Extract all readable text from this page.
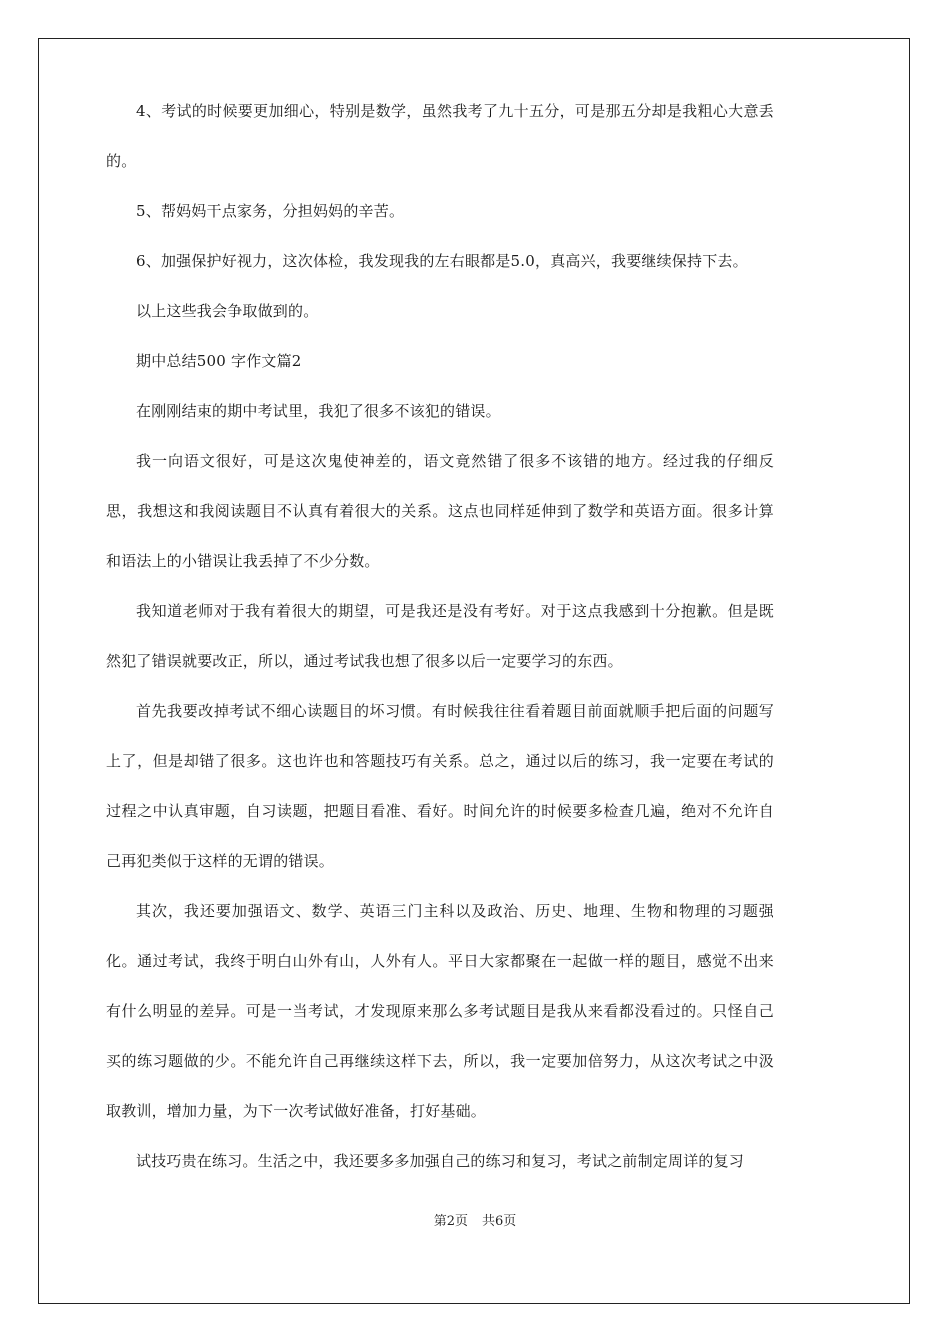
4、考试的时候要更加细心，特别是数学，虽然我考了九十五分，可是那五分却是我粗心大意丢的。

5、帮妈妈干点家务，分担妈妈的辛苦。

6、加强保护好视力，这次体检，我发现我的左右眼都是5.0，真高兴，我要继续保持下去。

以上这些我会争取做到的。

期中总结500 字作文篇2

在刚刚结束的期中考试里，我犯了很多不该犯的错误。

我一向语文很好，可是这次鬼使神差的，语文竟然错了很多不该错的地方。经过我的仔细反思，我想这和我阅读题目不认真有着很大的关系。这点也同样延伸到了数学和英语方面。很多计算和语法上的小错误让我丢掉了不少分数。

我知道老师对于我有着很大的期望，可是我还是没有考好。对于这点我感到十分抱歉。但是既然犯了错误就要改正，所以，通过考试我也想了很多以后一定要学习的东西。

首先我要改掉考试不细心读题目的坏习惯。有时候我往往看着题目前面就顺手把后面的问题写上了，但是却错了很多。这也许也和答题技巧有关系。总之，通过以后的练习，我一定要在考试的过程之中认真审题，自习读题，把题目看准、看好。时间允许的时候要多检查几遍，绝对不允许自己再犯类似于这样的无谓的错误。

其次，我还要加强语文、数学、英语三门主科以及政治、历史、地理、生物和物理的习题强化。通过考试，我终于明白山外有山，人外有人。平日大家都聚在一起做一样的题目，感觉不出来有什么明显的差异。可是一当考试，才发现原来那么多考试题目是我从来看都没看过的。只怪自己买的练习题做的少。不能允许自己再继续这样下去，所以，我一定要加倍努力，从这次考试之中汲取教训，增加力量，为下一次考试做好准备，打好基础。

试技巧贵在练习。生活之中，我还要多多加强自己的练习和复习，考试之前制定周详的复习

第2页 共6页
